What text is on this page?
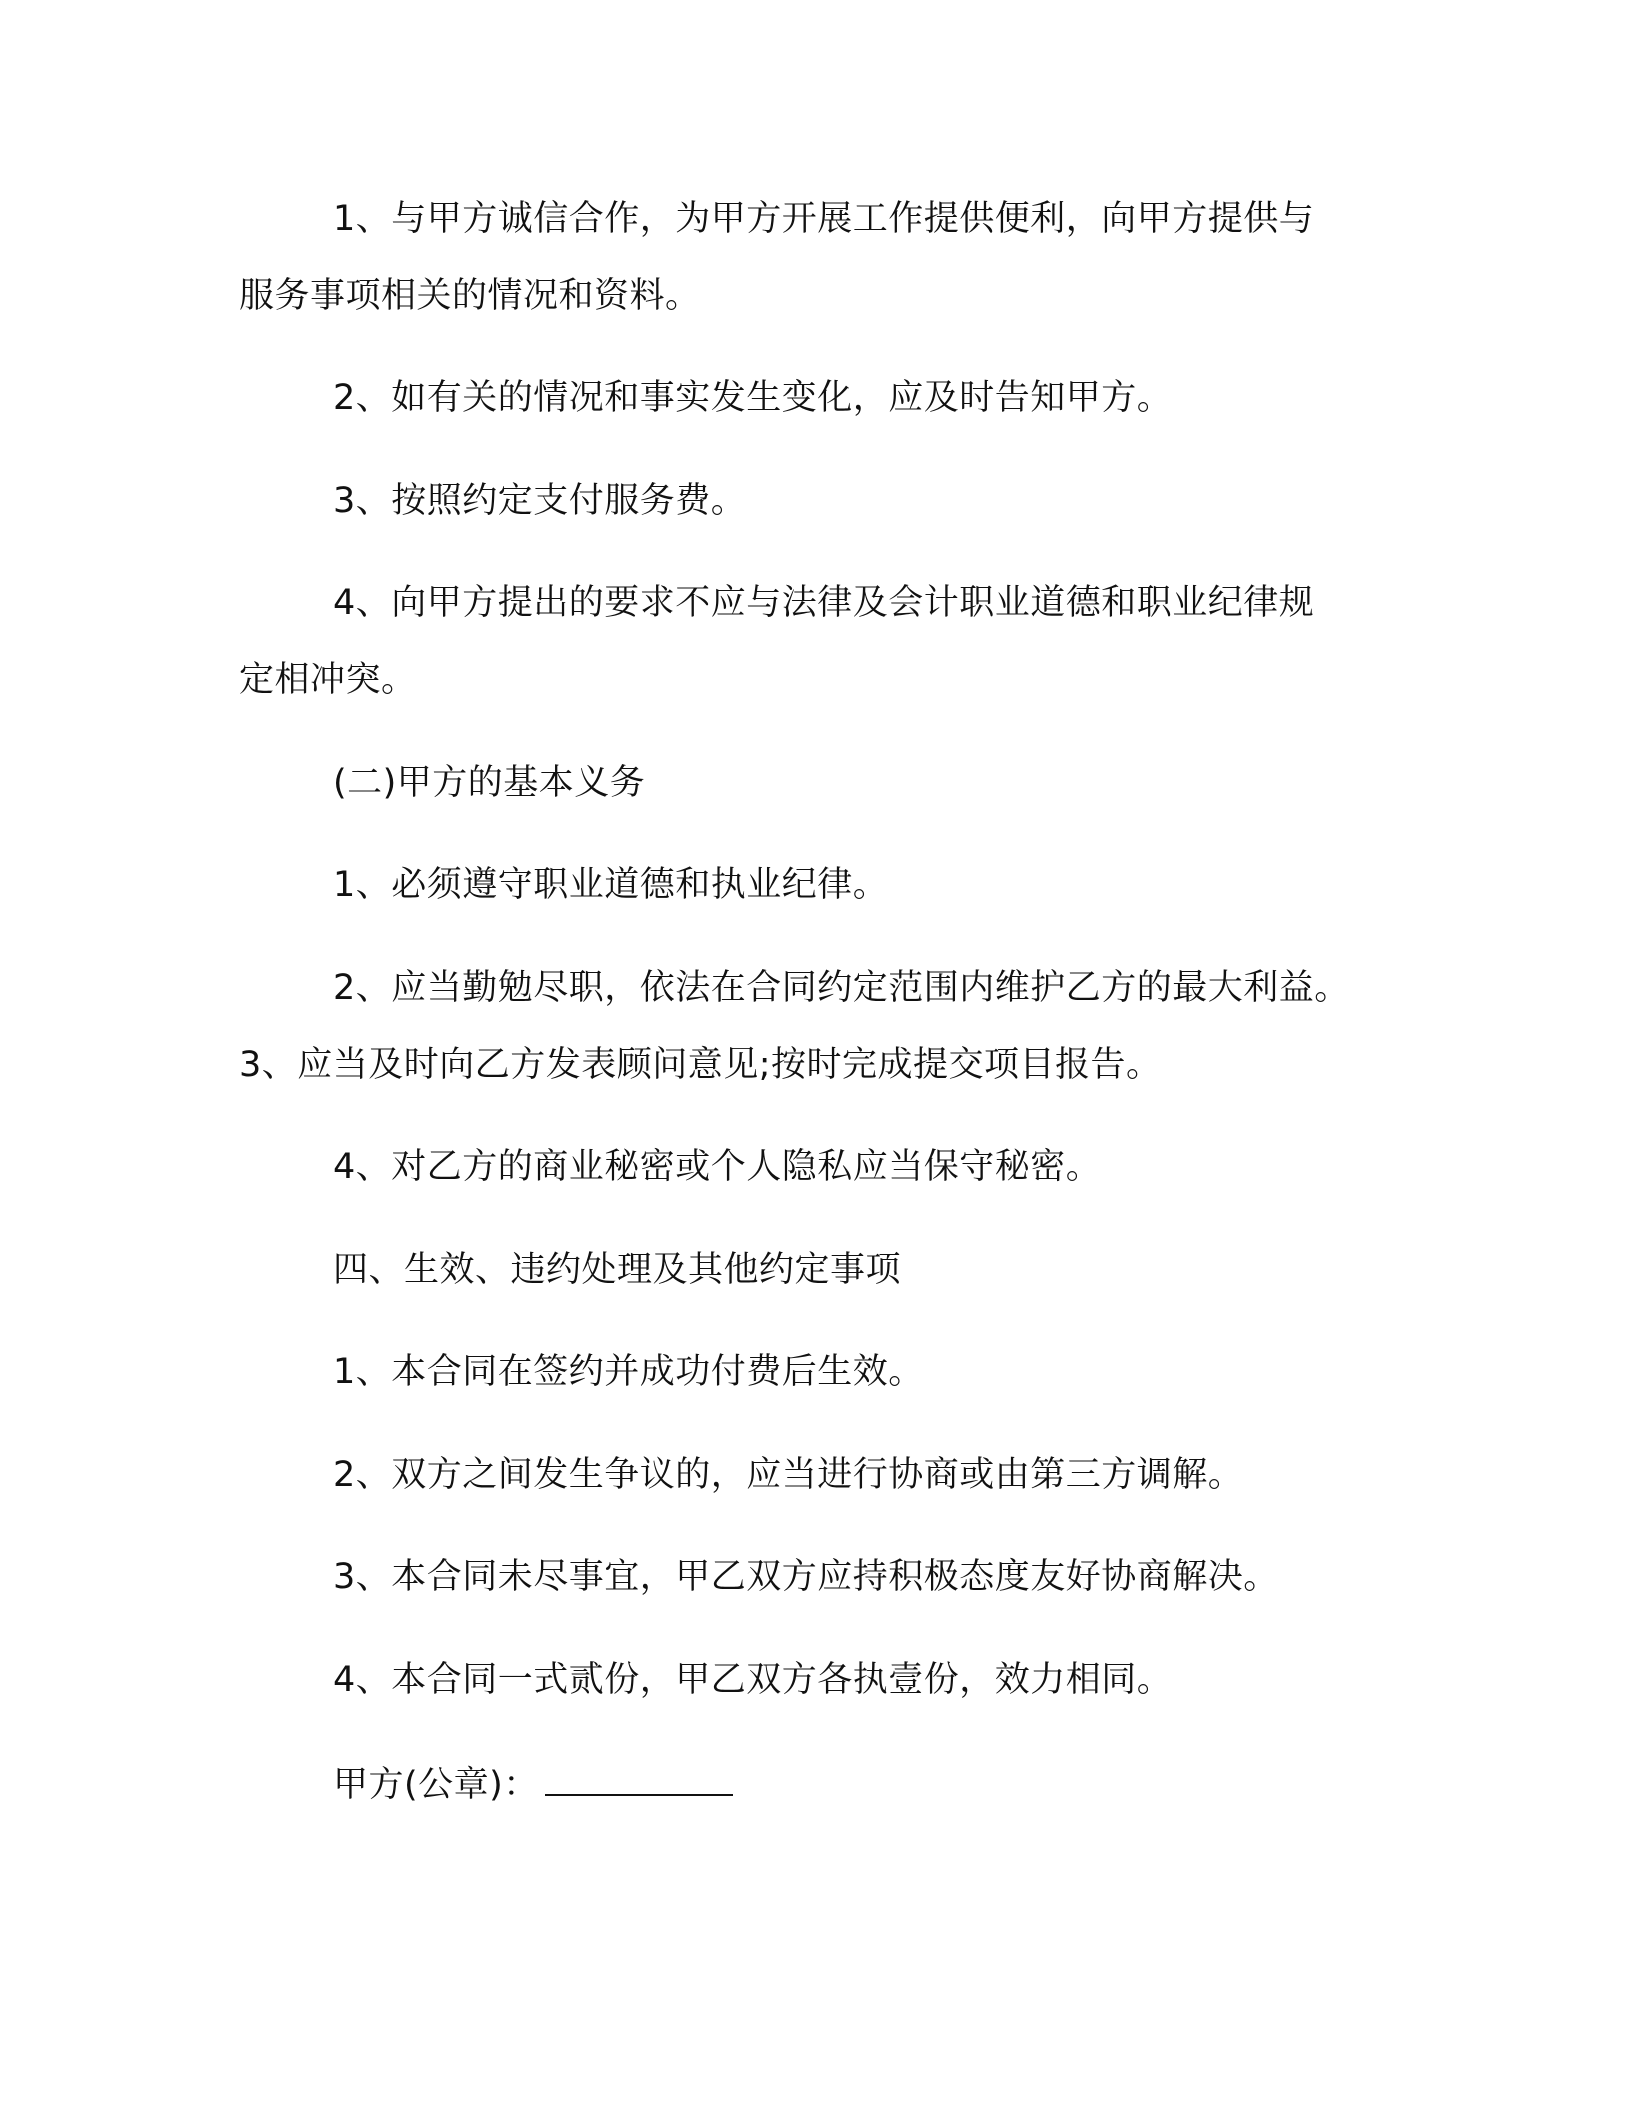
1、与甲方诚信合作，为甲方开展工作提供便利，向甲方提供与
服务事项相关的情况和资料。
2、如有关的情况和事实发生变化，应及时告知甲方。
3、按照约定支付服务费。
4、向甲方提出的要求不应与法律及会计职业道德和职业纪律规
定相冲突。
(二)甲方的基本义务
1、必须遵守职业道德和执业纪律。
2、应当勤勉尽职，依法在合同约定范围内维护乙方的最大利益。
3、应当及时向乙方发表顾问意见;按时完成提交项目报告。
4、对乙方的商业秘密或个人隐私应当保守秘密。
四、生效、违约处理及其他约定事项
1、本合同在签约并成功付费后生效。
2、双方之间发生争议的，应当进行协商或由第三方调解。
3、本合同未尽事宜，甲乙双方应持积极态度友好协商解决。
4、本合同一式贰份，甲乙双方各执壹份，效力相同。
甲方(公章)：
